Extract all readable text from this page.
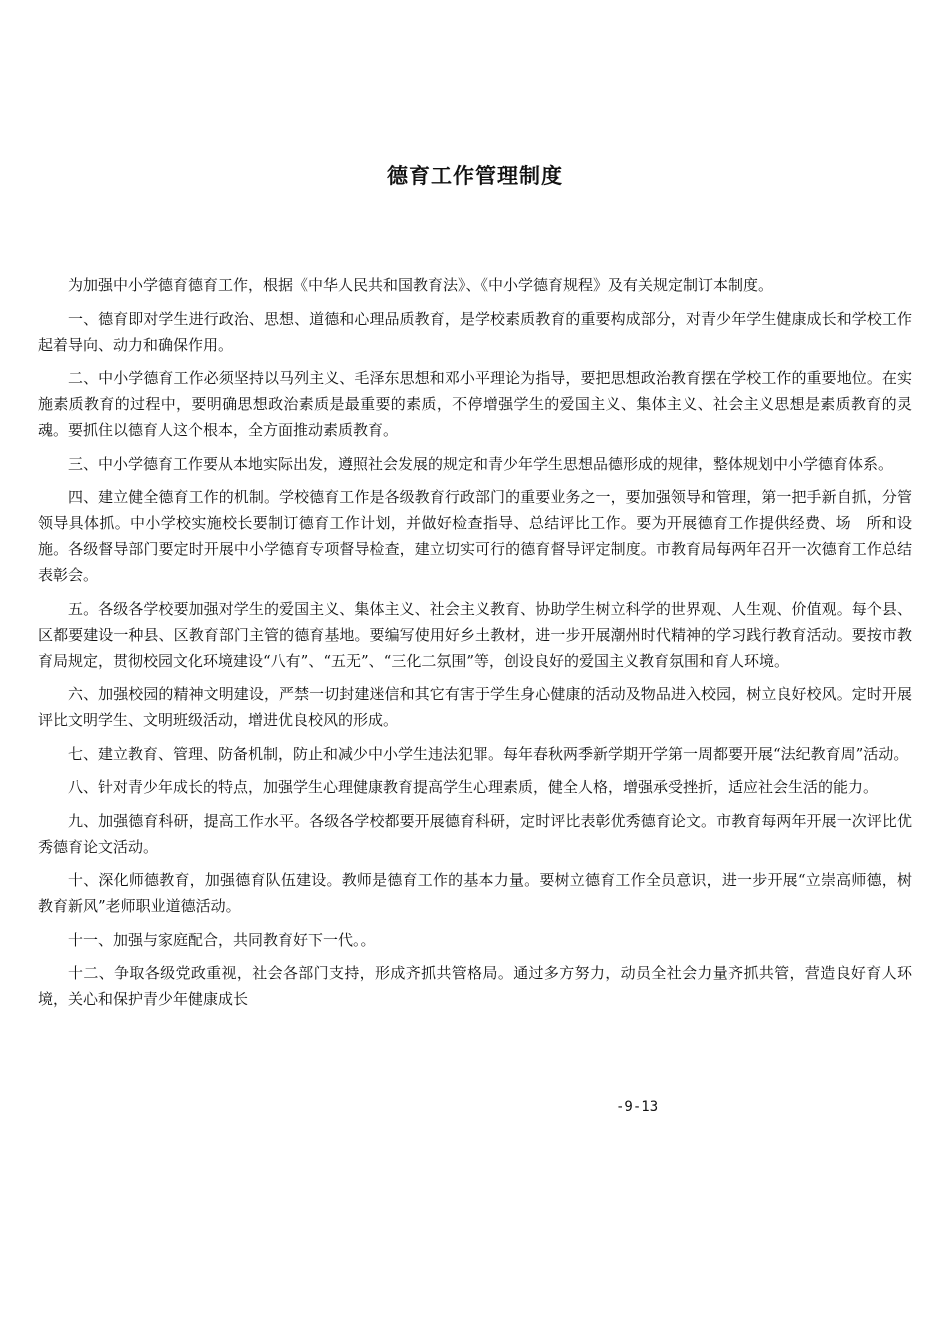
德育工作管理制度

为加强中小学德育德育工作，根据《中华人民共和国教育法》、《中小学德育规程》及有关规定制订本制度。

一、德育即对学生进行政治、思想、道德和心理品质教育，是学校素质教育的重要构成部分，对青少年学生健康成长和学校工作起着导向、动力和确保作用。

二、中小学德育工作必须坚持以马列主义、毛泽东思想和邓小平理论为指导，要把思想政治教育摆在学校工作的重要地位。在实施素质教育的过程中，要明确思想政治素质是最重要的素质，不停增强学生的爱国主义、集体主义、社会主义思想是素质教育的灵魂。要抓住以德育人这个根本，全方面推动素质教育。

三、中小学德育工作要从本地实际出发，遵照社会发展的规定和青少年学生思想品德形成的规律，整体规划中小学德育体系。

四、建立健全德育工作的机制。学校德育工作是各级教育行政部门的重要业务之一，要加强领导和管理，第一把手新自抓，分管领导具体抓。中小学校实施校长要制订德育工作计划，并做好检查指导、总结评比工作。要为开展德育工作提供经费、场　所和设施。各级督导部门要定时开展中小学德育专项督导检查，建立切实可行的德育督导评定制度。市教育局每两年召开一次德育工作总结表彰会。

五。各级各学校要加强对学生的爱国主义、集体主义、社会主义教育、协助学生树立科学的世界观、人生观、价值观。每个县、区都要建设一种县、区教育部门主管的德育基地。要编写使用好乡土教材，进一步开展潮州时代精神的学习践行教育活动。要按市教育局规定，贯彻校园文化环境建设“八有”、“五无”、“三化二氛围”等，创设良好的爱国主义教育氛围和育人环境。

六、加强校园的精神文明建设，严禁一切封建迷信和其它有害于学生身心健康的活动及物品进入校园，树立良好校风。定时开展评比文明学生、文明班级活动，增进优良校风的形成。

七、建立教育、管理、防备机制，防止和减少中小学生违法犯罪。每年春秋两季新学期开学第一周都要开展“法纪教育周”活动。

八、针对青少年成长的特点，加强学生心理健康教育提高学生心理素质，健全人格，增强承受挫折，适应社会生活的能力。

九、加强德育科研，提高工作水平。各级各学校都要开展德育科研，定时评比表彰优秀德育论文。市教育每两年开展一次评比优秀德育论文活动。

十、深化师德教育，加强德育队伍建设。教师是德育工作的基本力量。要树立德育工作全员意识，进一步开展“立崇高师德，树教育新风”老师职业道德活动。

十一、加强与家庭配合，共同教育好下一代。。

十二、争取各级党政重视，社会各部门支持，形成齐抓共管格局。通过多方努力，动员全社会力量齐抓共管，营造良好育人环境，关心和保护青少年健康成长

-9-13
